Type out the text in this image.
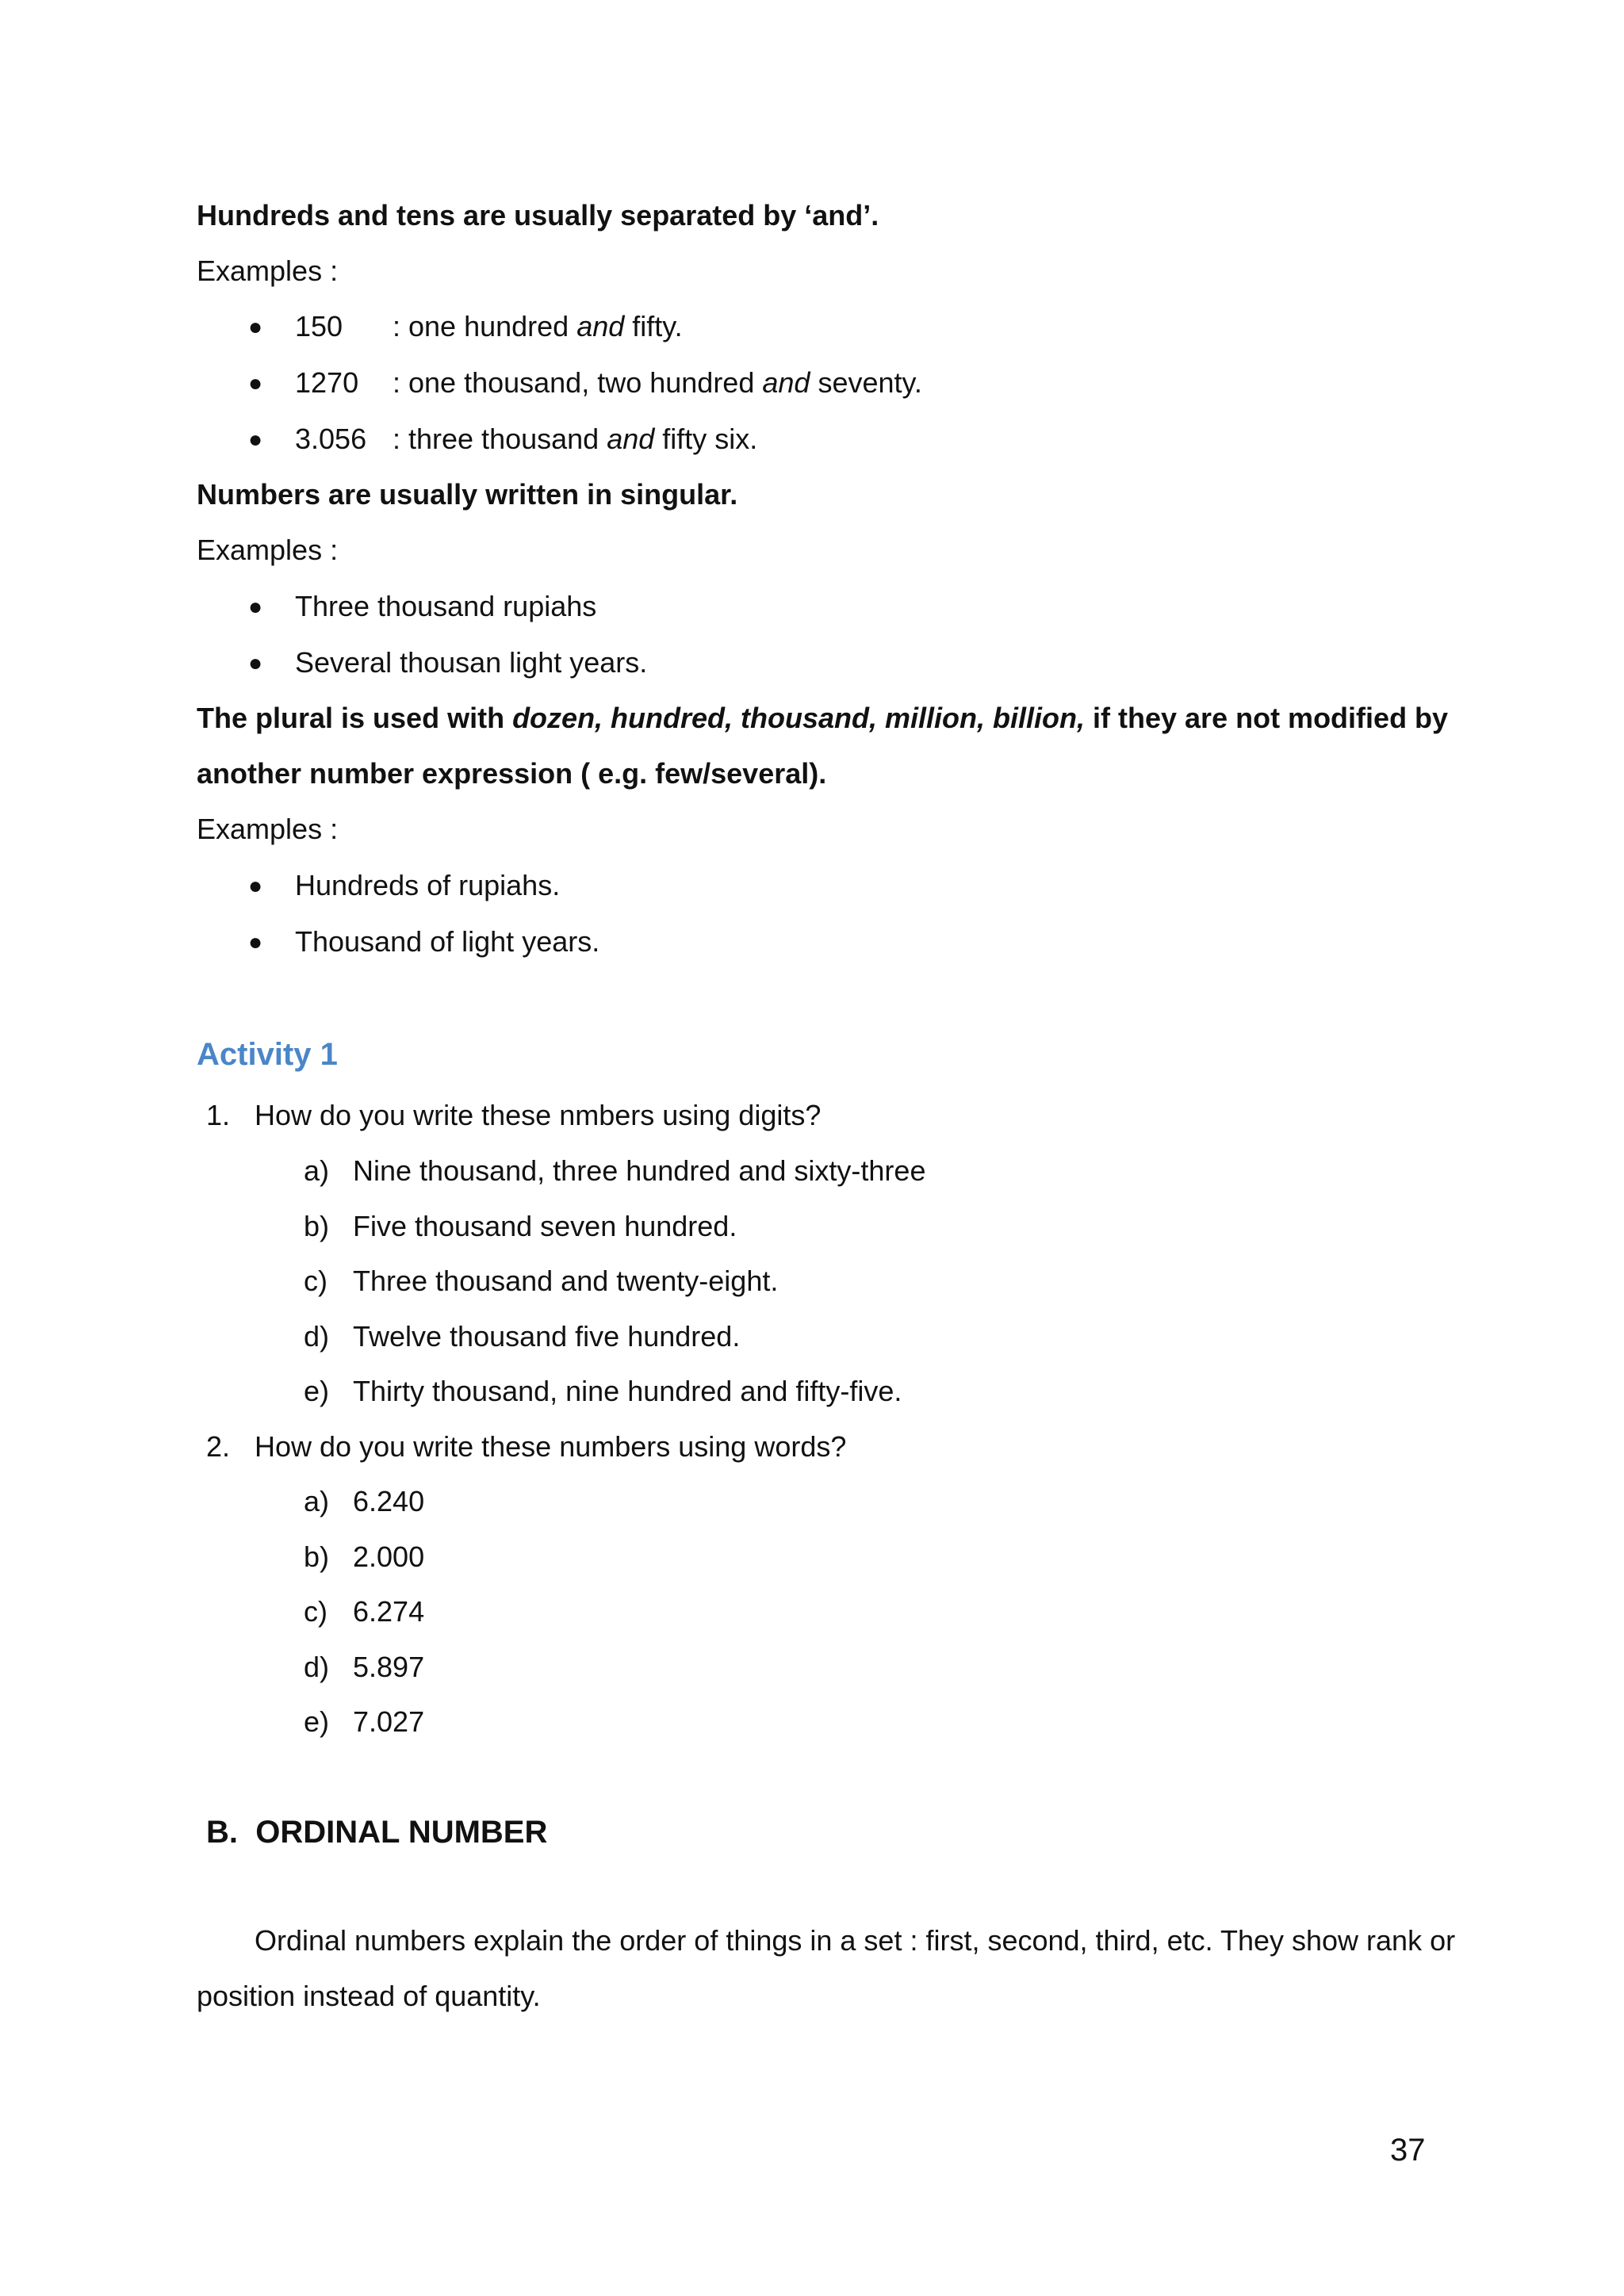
Hundreds and tens are usually separated by ‘and’.
Examples :
● 150 : one hundred and fifty.
● 1270 : one thousand, two hundred and seventy.
● 3.056 : three thousand and fifty six.
Numbers are usually written in singular.
Examples :
● Three thousand rupiahs
● Several thousan light years.
The plural is used with dozen, hundred, thousand, million, billion, if they are not modified by
another number expression ( e.g. few/several).
Examples :
● Hundreds of rupiahs.
● Thousand of light years.
Activity 1
1. How do you write these nmbers using digits?
a) Nine thousand, three hundred and sixty-three
b) Five thousand seven hundred.
c) Three thousand and twenty-eight.
d) Twelve thousand five hundred.
e) Thirty thousand, nine hundred and fifty-five.
2. How do you write these numbers using words?
a) 6.240
b) 2.000
c) 6.274
d) 5.897
e) 7.027
B.  ORDINAL NUMBER
Ordinal numbers explain the order of things in a set : first, second, third, etc. They show rank or
position instead of quantity.
37
